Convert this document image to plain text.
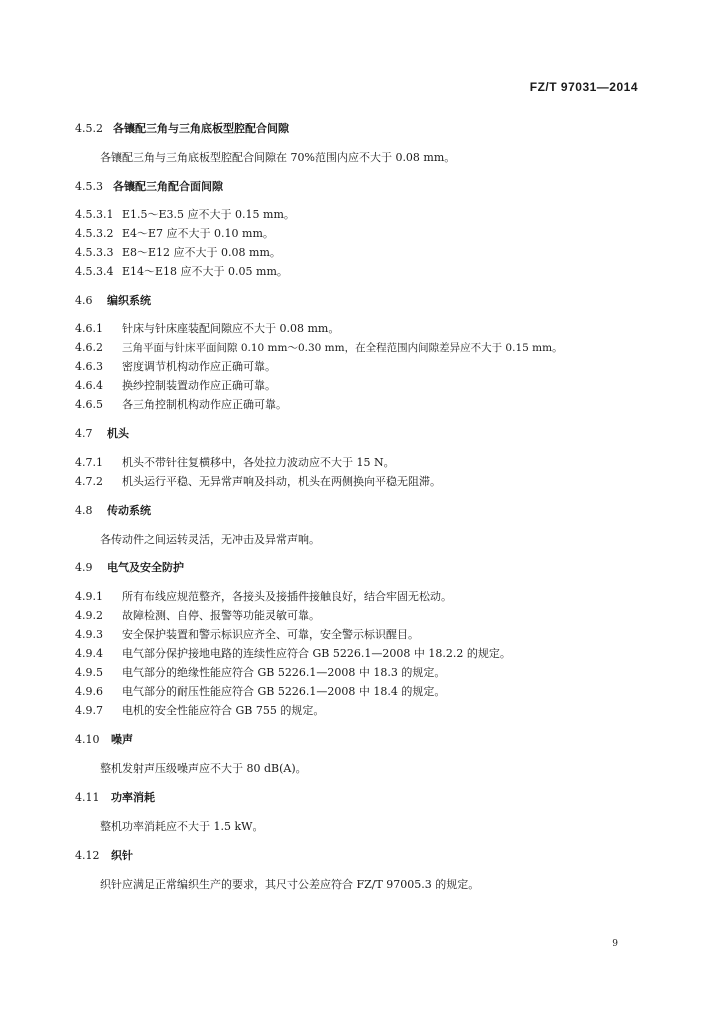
FZ/T 97031—2014
4.5.2 各镶配三角与三角底板型腔配合间隙
各镶配三角与三角底板型腔配合间隙在 70%范围内应不大于 0.08 mm。
4.5.3 各镶配三角配合面间隙
4.5.3.1 E1.5～E3.5 应不大于 0.15 mm。
4.5.3.2 E4～E7 应不大于 0.10 mm。
4.5.3.3 E8～E12 应不大于 0.08 mm。
4.5.3.4 E14～E18 应不大于 0.05 mm。
4.6 编织系统
4.6.1 针床与针床座装配间隙应不大于 0.08 mm。
4.6.2 三角平面与针床平面间隙 0.10 mm～0.30 mm，在全程范围内间隙差异应不大于 0.15 mm。
4.6.3 密度调节机构动作应正确可靠。
4.6.4 换纱控制装置动作应正确可靠。
4.6.5 各三角控制机构动作应正确可靠。
4.7 机头
4.7.1 机头不带针往复横移中，各处拉力波动应不大于 15 N。
4.7.2 机头运行平稳、无异常声响及抖动，机头在两侧换向平稳无阻滞。
4.8 传动系统
各传动件之间运转灵活，无冲击及异常声响。
4.9 电气及安全防护
4.9.1 所有布线应规范整齐，各接头及接插件接触良好，结合牢固无松动。
4.9.2 故障检测、自停、报警等功能灵敏可靠。
4.9.3 安全保护装置和警示标识应齐全、可靠，安全警示标识醒目。
4.9.4 电气部分保护接地电路的连续性应符合 GB 5226.1—2008 中 18.2.2 的规定。
4.9.5 电气部分的绝缘性能应符合 GB 5226.1—2008 中 18.3 的规定。
4.9.6 电气部分的耐压性能应符合 GB 5226.1—2008 中 18.4 的规定。
4.9.7 电机的安全性能应符合 GB 755 的规定。
4.10 噪声
整机发射声压级噪声应不大于 80 dB(A)。
4.11 功率消耗
整机功率消耗应不大于 1.5 kW。
4.12 织针
织针应满足正常编织生产的要求，其尺寸公差应符合 FZ/T 97005.3 的规定。
9
